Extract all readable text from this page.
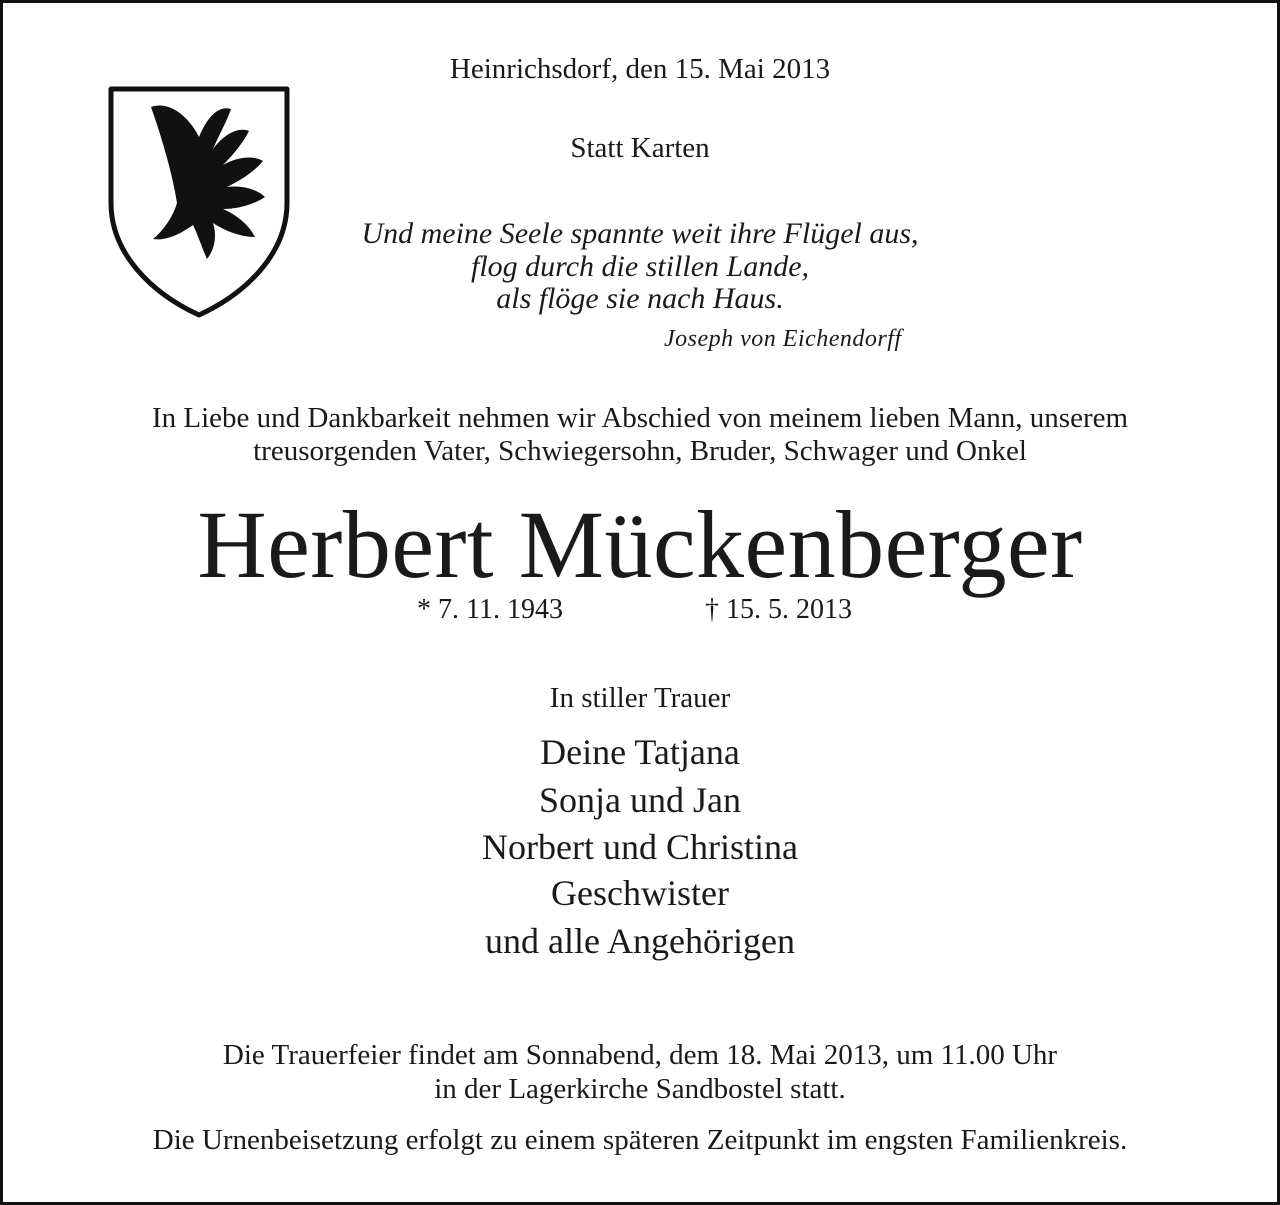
Heinrichsdorf, den 15. Mai 2013
Statt Karten
Und meine Seele spannte weit ihre Flügel aus,
flog durch die stillen Lande,
als flöge sie nach Haus.
Joseph von Eichendorff
In Liebe und Dankbarkeit nehmen wir Abschied von meinem lieben Mann, unserem
treusorgenden Vater, Schwiegersohn, Bruder, Schwager und Onkel
Herbert Mückenberger
* 7. 11. 1943	† 15. 5. 2013
In stiller Trauer
Deine Tatjana
Sonja und Jan
Norbert und Christina
Geschwister
und alle Angehörigen
Die Trauerfeier findet am Sonnabend, dem 18. Mai 2013, um 11.00 Uhr
in der Lagerkirche Sandbostel statt.
Die Urnenbeisetzung erfolgt zu einem späteren Zeitpunkt im engsten Familienkreis.
